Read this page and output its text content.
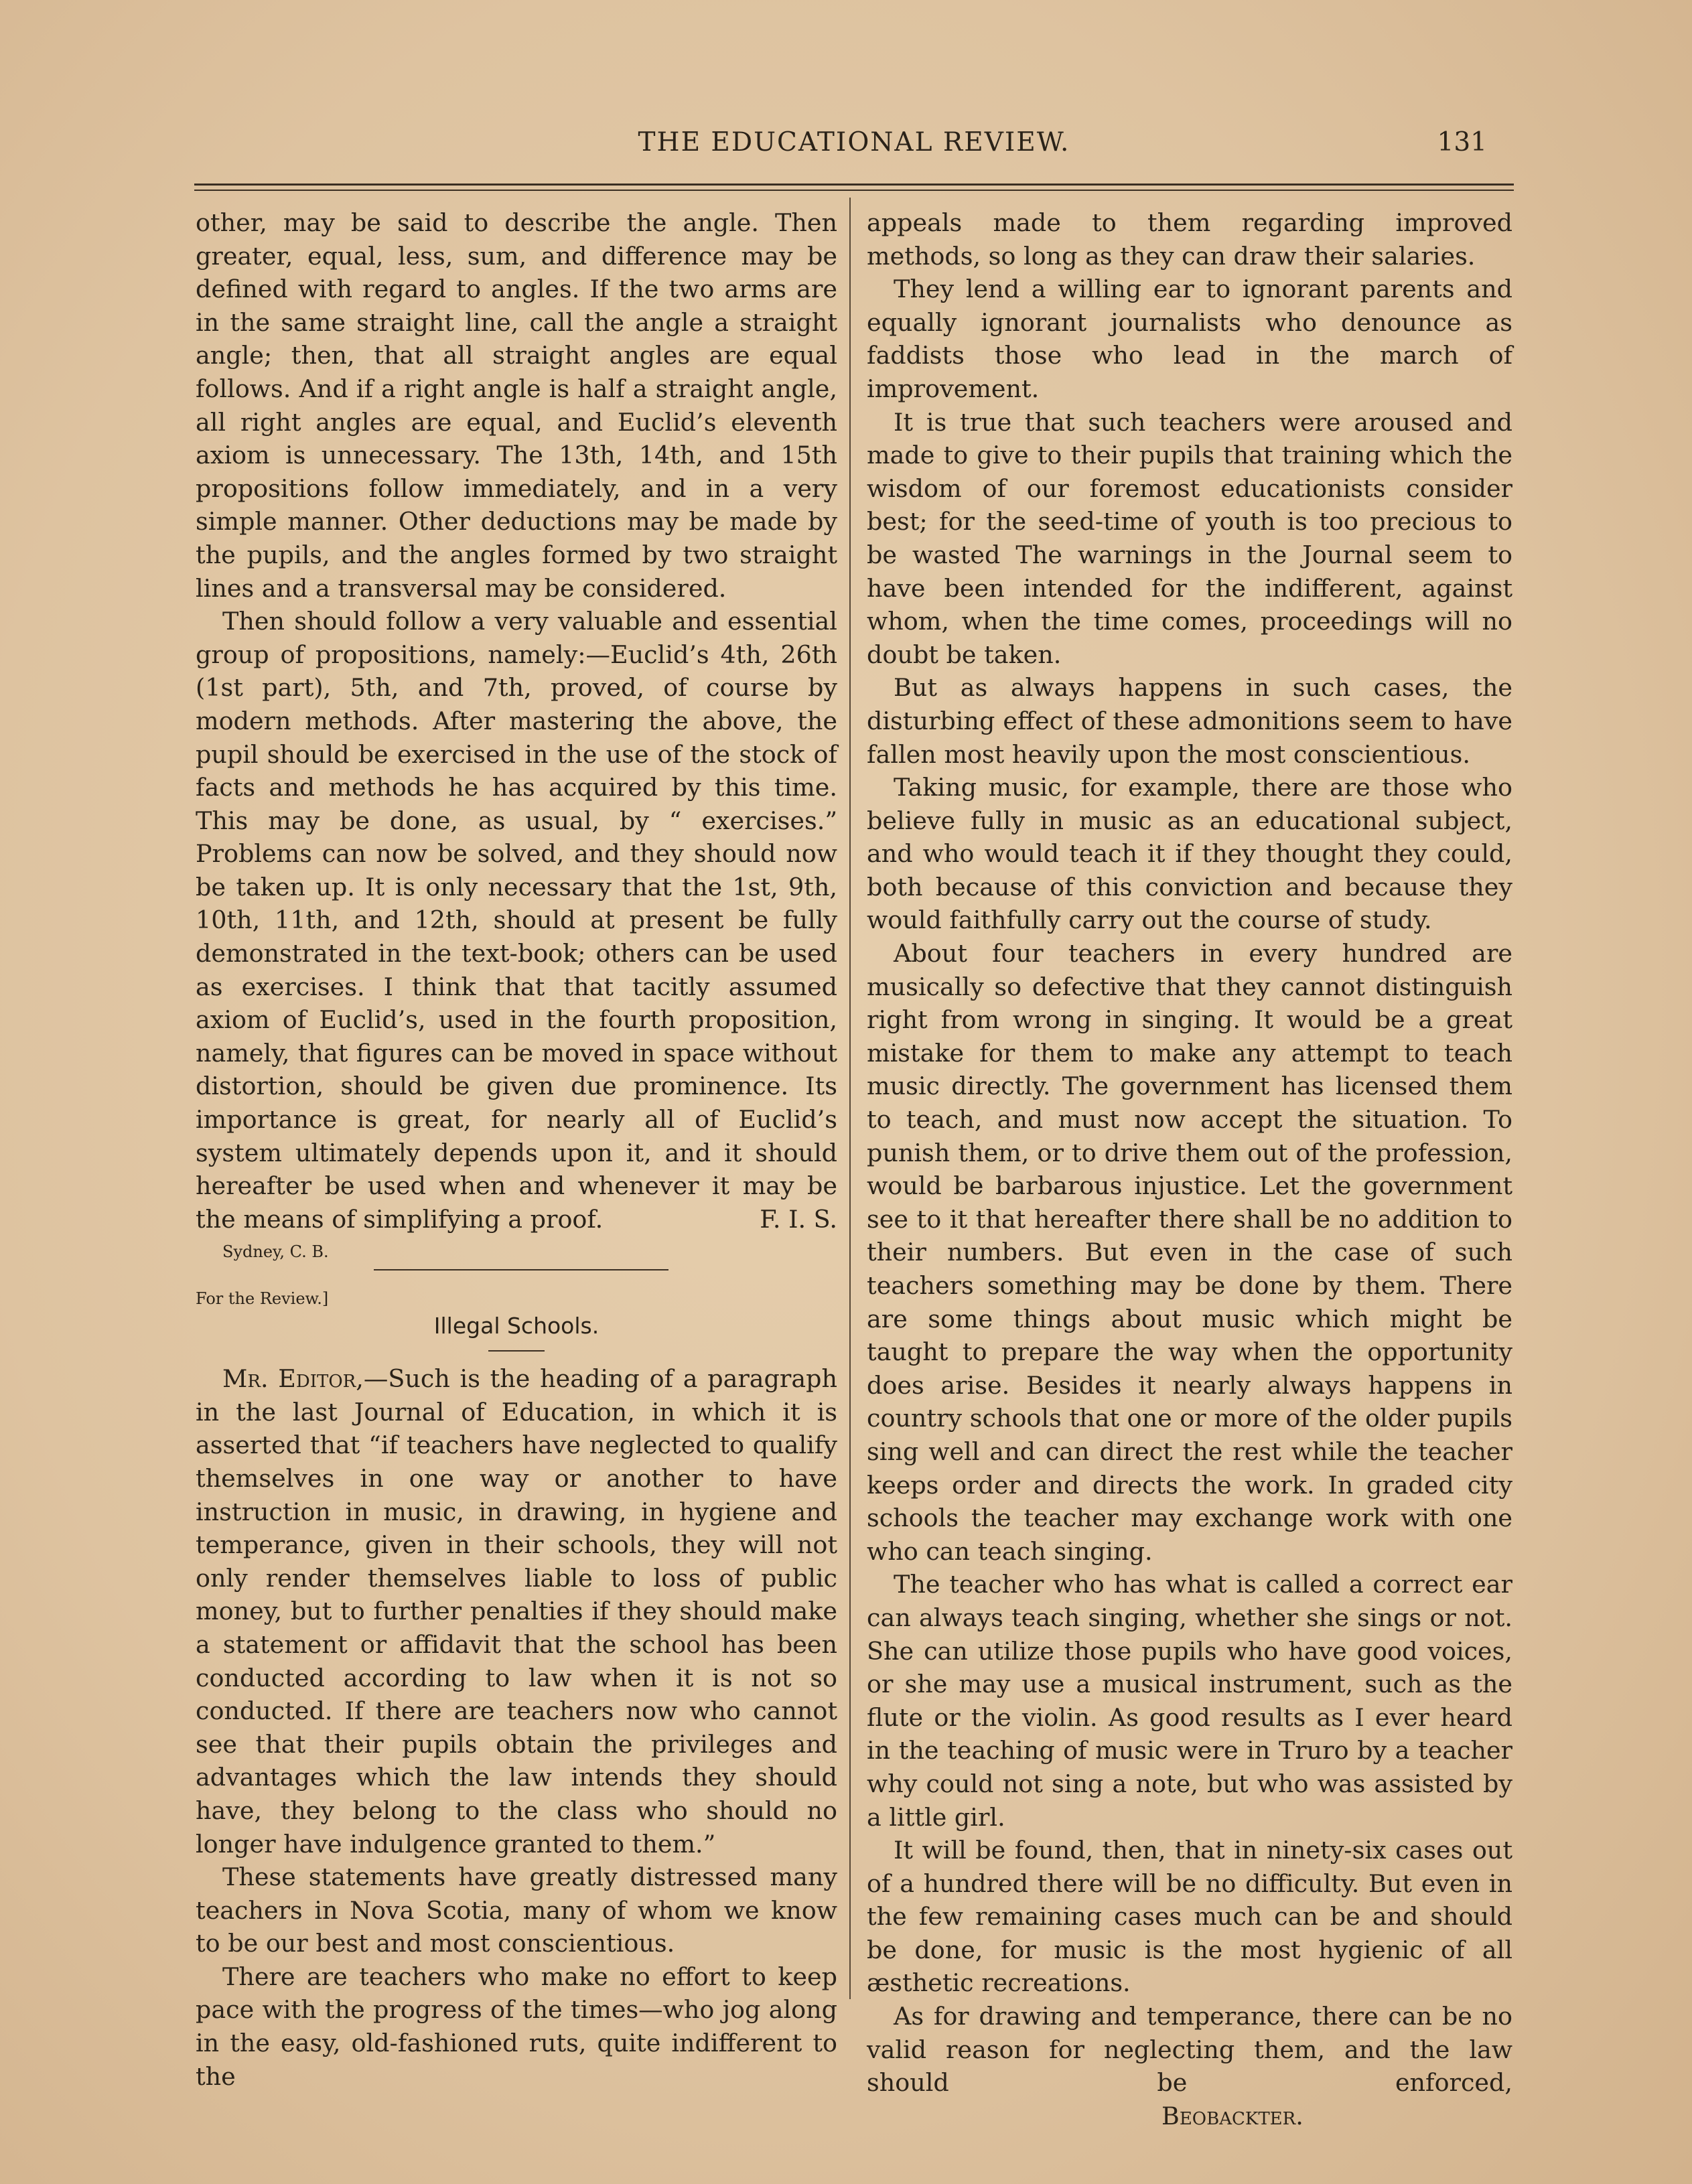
THE EDUCATIONAL REVIEW.	131

other, may be said to describe the angle. Then greater, equal, less, sum, and difference may be defined with regard to angles. If the two arms are in the same straight line, call the angle a straight angle; then, that all straight angles are equal follows. And if a right angle is half a straight angle, all right angles are equal, and Euclid’s eleventh axiom is unnecessary. The 13th, 14th, and 15th propositions follow immediately, and in a very simple manner. Other deductions may be made by the pupils, and the angles formed by two straight lines and a transversal may be considered.

Then should follow a very valuable and essential group of propositions, namely:—Euclid’s 4th, 26th (1st part), 5th, and 7th, proved, of course by modern methods. After mastering the above, the pupil should be exercised in the use of the stock of facts and methods he has acquired by this time. This may be done, as usual, by “ exercises.” Problems can now be solved, and they should now be taken up. It is only necessary that the 1st, 9th, 10th, 11th, and 12th, should at present be fully demonstrated in the text-book; others can be used as exercises. I think that that tacitly assumed axiom of Euclid’s, used in the fourth proposition, namely, that figures can be moved in space without distortion, should be given due prominence. Its importance is great, for nearly all of Euclid’s system ultimately depends upon it, and it should hereafter be used when and whenever it may be the means of simplifying a proof.	F. I. S.

Sydney, C. B.

For the Review.]

Illegal Schools.

Mr. Editor,—Such is the heading of a paragraph in the last Journal of Education, in which it is asserted that “if teachers have neglected to qualify themselves in one way or another to have instruction in music, in drawing, in hygiene and temperance, given in their schools, they will not only render themselves liable to loss of public money, but to further penalties if they should make a statement or affidavit that the school has been conducted according to law when it is not so conducted. If there are teachers now who cannot see that their pupils obtain the privileges and advantages which the law intends they should have, they belong to the class who should no longer have indulgence granted to them.”

These statements have greatly distressed many teachers in Nova Scotia, many of whom we know to be our best and most conscientious.

There are teachers who make no effort to keep pace with the progress of the times—who jog along in the easy, old-fashioned ruts, quite indifferent to the

appeals made to them regarding improved methods, so long as they can draw their salaries.

They lend a willing ear to ignorant parents and equally ignorant journalists who denounce as faddists those who lead in the march of improvement.

It is true that such teachers were aroused and made to give to their pupils that training which the wisdom of our foremost educationists consider best; for the seed-time of youth is too precious to be wasted The warnings in the Journal seem to have been intended for the indifferent, against whom, when the time comes, proceedings will no doubt be taken.

But as always happens in such cases, the disturbing effect of these admonitions seem to have fallen most heavily upon the most conscientious.

Taking music, for example, there are those who believe fully in music as an educational subject, and who would teach it if they thought they could, both because of this conviction and because they would faithfully carry out the course of study.

About four teachers in every hundred are musically so defective that they cannot distinguish right from wrong in singing. It would be a great mistake for them to make any attempt to teach music directly. The government has licensed them to teach, and must now accept the situation. To punish them, or to drive them out of the profession, would be barbarous injustice. Let the government see to it that hereafter there shall be no addition to their numbers. But even in the case of such teachers something may be done by them. There are some things about music which might be taught to prepare the way when the opportunity does arise. Besides it nearly always happens in country schools that one or more of the older pupils sing well and can direct the rest while the teacher keeps order and directs the work. In graded city schools the teacher may exchange work with one who can teach singing.

The teacher who has what is called a correct ear can always teach singing, whether she sings or not. She can utilize those pupils who have good voices, or she may use a musical instrument, such as the flute or the violin. As good results as I ever heard in the teaching of music were in Truro by a teacher why could not sing a note, but who was assisted by a little girl.

It will be found, then, that in ninety-six cases out of a hundred there will be no difficulty. But even in the few remaining cases much can be and should be done, for music is the most hygienic of all æsthetic recreations.

As for drawing and temperance, there can be no valid reason for neglecting them, and the law should be enforced,Beobackter.
